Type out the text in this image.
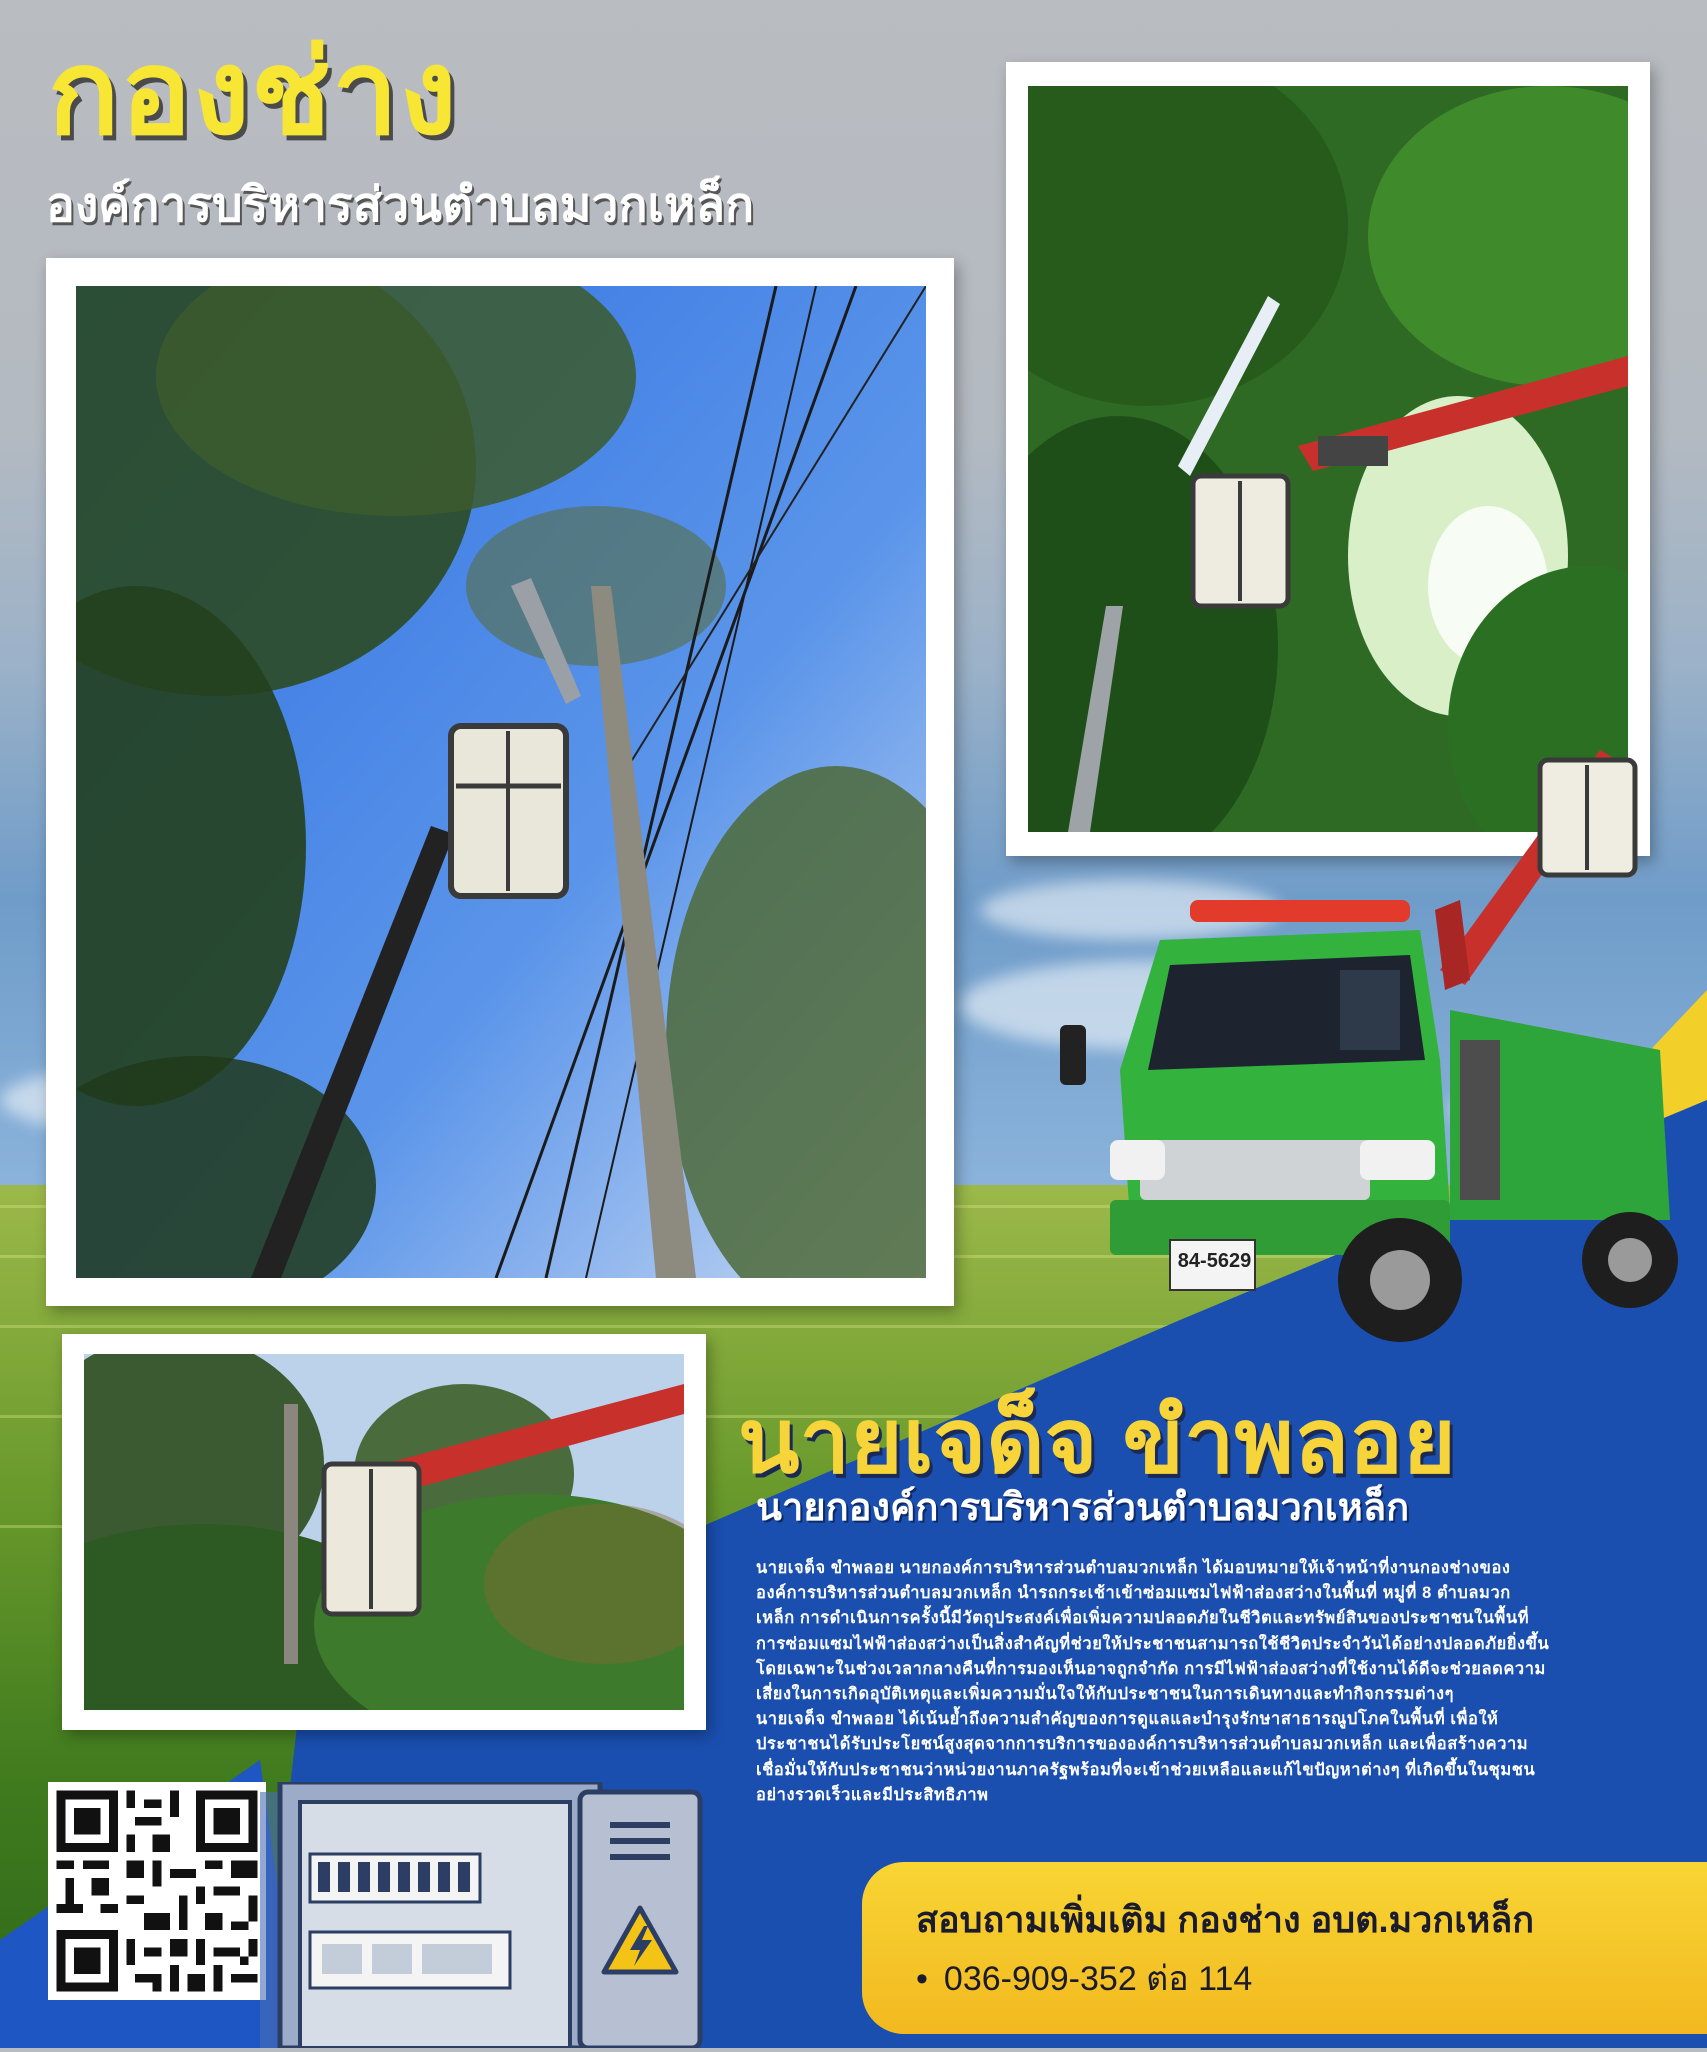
กองช่าง
องค์การบริหารส่วนตำบลมวกเหล็ก
84-5629
นายเจด็จ ขำพลอย
นายกองค์การบริหารส่วนตำบลมวกเหล็ก

นายเจด็จ ขำพลอย นายกองค์การบริหารส่วนตำบลมวกเหล็ก ได้มอบหมายให้เจ้าหน้าที่งานกองช่างของ

องค์การบริหารส่วนตำบลมวกเหล็ก นำรถกระเช้าเข้าซ่อมแซมไฟฟ้าส่องสว่างในพื้นที่ หมู่ที่ 8 ตำบลมวก

เหล็ก การดำเนินการครั้งนี้มีวัตถุประสงค์เพื่อเพิ่มความปลอดภัยในชีวิตและทรัพย์สินของประชาชนในพื้นที่

การซ่อมแซมไฟฟ้าส่องสว่างเป็นสิ่งสำคัญที่ช่วยให้ประชาชนสามารถใช้ชีวิตประจำวันได้อย่างปลอดภัยยิ่งขึ้น

โดยเฉพาะในช่วงเวลากลางคืนที่การมองเห็นอาจถูกจำกัด การมีไฟฟ้าส่องสว่างที่ใช้งานได้ดีจะช่วยลดความ

เสี่ยงในการเกิดอุบัติเหตุและเพิ่มความมั่นใจให้กับประชาชนในการเดินทางและทำกิจกรรมต่างๆ

นายเจด็จ ขำพลอย ได้เน้นย้ำถึงความสำคัญของการดูแลและบำรุงรักษาสาธารณูปโภคในพื้นที่ เพื่อให้

ประชาชนได้รับประโยชน์สูงสุดจากการบริการขององค์การบริหารส่วนตำบลมวกเหล็ก และเพื่อสร้างความ

เชื่อมั่นให้กับประชาชนว่าหน่วยงานภาครัฐพร้อมที่จะเข้าช่วยเหลือและแก้ไขปัญหาต่างๆ ที่เกิดขึ้นในชุมชน

อย่างรวดเร็วและมีประสิทธิภาพ

สอบถามเพิ่มเติม กองช่าง อบต.มวกเหล็ก
• 036-909-352 ต่อ 114
